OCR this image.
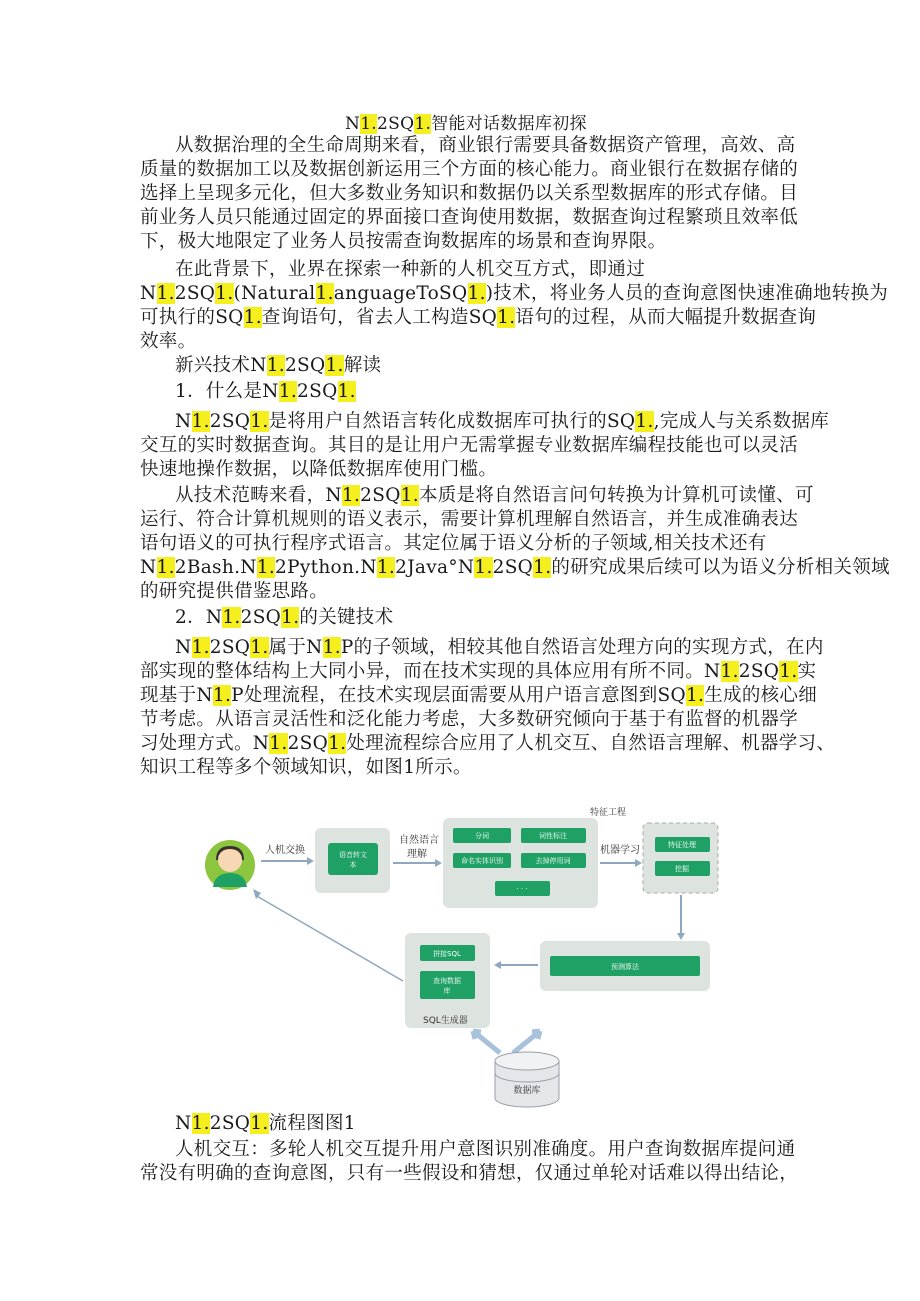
N1.2SQ1.智能对话数据库初探
从数据治理的全生命周期来看，商业银行需要具备数据资产管理，高效、高
质量的数据加工以及数据创新运用三个方面的核心能力。商业银行在数据存储的
选择上呈现多元化，但大多数业务知识和数据仍以关系型数据库的形式存储。目
前业务人员只能通过固定的界面接口查询使用数据，数据查询过程繁琐且效率低
下，极大地限定了业务人员按需查询数据库的场景和查询界限。
在此背景下，业界在探索一种新的人机交互方式，即通过
N1.2SQ1.(Natural1.anguageToSQ1.)技术，将业务人员的查询意图快速准确地转换为
可执行的SQ1.查询语句，省去人工构造SQ1.语句的过程，从而大幅提升数据查询
效率。
新兴技术N1.2SQ1.解读
1．什么是N1.2SQ1.
N1.2SQ1.是将用户自然语言转化成数据库可执行的SQ1.,完成人与关系数据库
交互的实时数据查询。其目的是让用户无需掌握专业数据库编程技能也可以灵活
快速地操作数据，以降低数据库使用门槛。
从技术范畴来看，N1.2SQ1.本质是将自然语言问句转换为计算机可读懂、可
运行、符合计算机规则的语义表示，需要计算机理解自然语言，并生成准确表达
语句语义的可执行程序式语言。其定位属于语义分析的子领域,相关技术还有
N1.2Bash.N1.2Python.N1.2Java°N1.2SQ1.的研究成果后续可以为语义分析相关领域
的研究提供借鉴思路。
2．N1.2SQ1.的关键技术
N1.2SQ1.属于N1.P的子领域，相较其他自然语言处理方向的实现方式，在内
部实现的整体结构上大同小异，而在技术实现的具体应用有所不同。N1.2SQ1.实
现基于N1.P处理流程，在技术实现层面需要从用户语言意图到SQ1.生成的核心细
节考虑。从语言灵活性和泛化能力考虑，大多数研究倾向于基于有监督的机器学
习处理方式。N1.2SQ1.处理流程综合应用了人机交互、自然语言理解、机器学习、
知识工程等多个领域知识，如图1所示。
N1.2SQ1.流程图图1
人机交互：多轮人机交互提升用户意图识别准确度。用户查询数据库提问通
常没有明确的查询意图，只有一些假设和猜想，仅通过单轮对话难以得出结论，
人机交换	语音转文
本
自然语言
理解
分词	词性标注
命名实体识别	去掉停用词
· · ·
机器学习
特征工程
特征处理
挖掘
预测算法
拼接SQL
查询数据
库
SQL生成器
数据库
